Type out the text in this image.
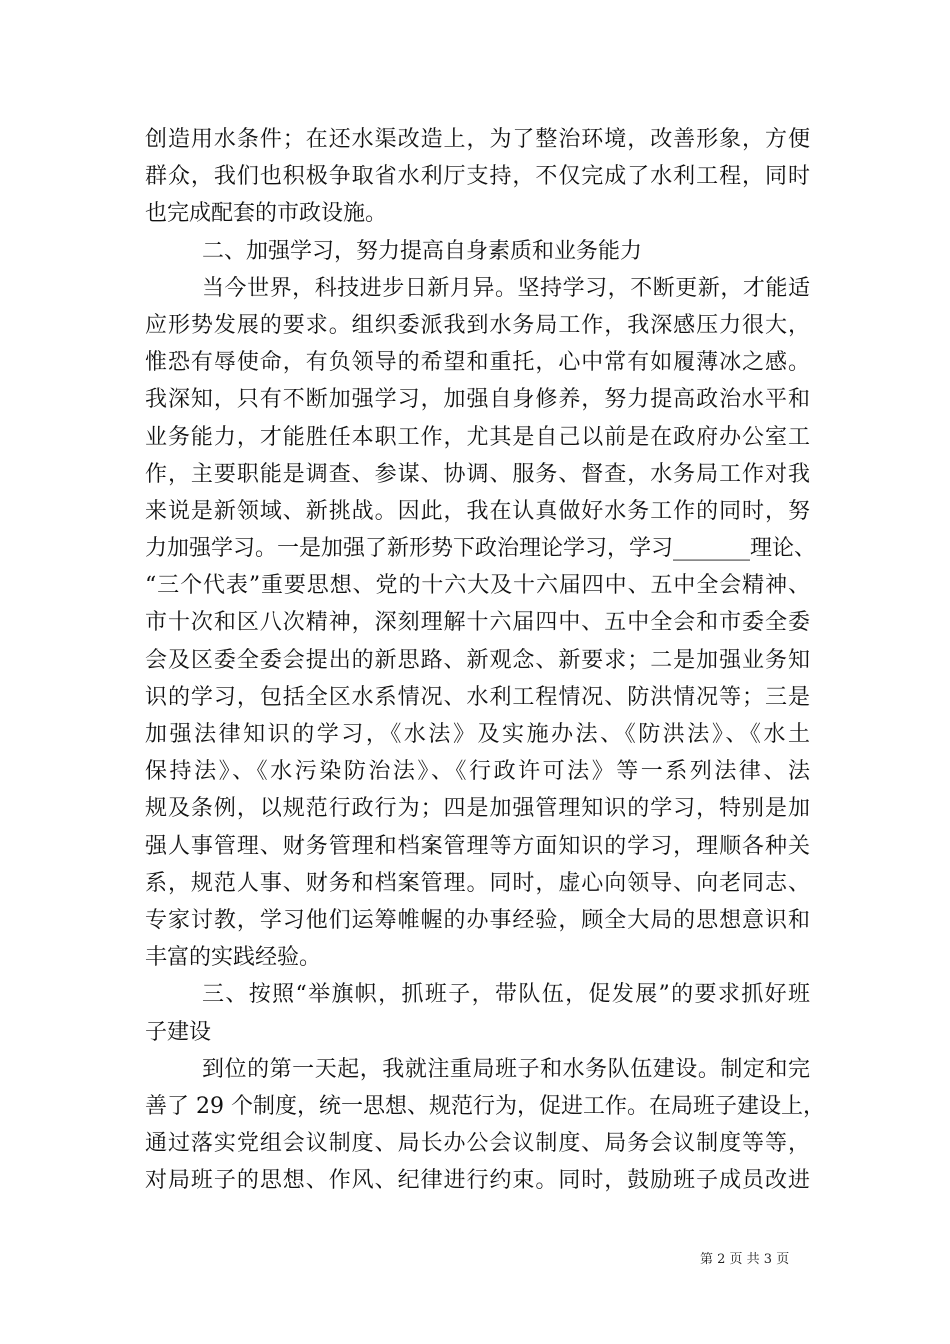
创造用水条件；在还水渠改造上，为了整治环境，改善形象，方便
群众，我们也积极争取省水利厅支持，不仅完成了水利工程，同时
也完成配套的市政设施。
二、加强学习，努力提高自身素质和业务能力
当今世界，科技进步日新月异。坚持学习，不断更新，才能适
应形势发展的要求。组织委派我到水务局工作，我深感压力很大，
惟恐有辱使命，有负领导的希望和重托，心中常有如履薄冰之感。
我深知，只有不断加强学习，加强自身修养，努力提高政治水平和
业务能力，才能胜任本职工作，尤其是自己以前是在政府办公室工
作，主要职能是调查、参谋、协调、服务、督查，水务局工作对我
来说是新领域、新挑战。因此，我在认真做好水务工作的同时，努
力加强学习。一是加强了新形势下政治理论学习，学习_______理论、
“三个代表”重要思想、党的十六大及十六届四中、五中全会精神、
市十次和区八次精神，深刻理解十六届四中、五中全会和市委全委
会及区委全委会提出的新思路、新观念、新要求；二是加强业务知
识的学习，包括全区水系情况、水利工程情况、防洪情况等；三是
加强法律知识的学习，《水法》及实施办法、《防洪法》、《水土
保持法》、《水污染防治法》、《行政许可法》等一系列法律、法
规及条例，以规范行政行为；四是加强管理知识的学习，特别是加
强人事管理、财务管理和档案管理等方面知识的学习，理顺各种关
系，规范人事、财务和档案管理。同时，虚心向领导、向老同志、
专家讨教，学习他们运筹帷幄的办事经验，顾全大局的思想意识和
丰富的实践经验。
三、按照“举旗帜，抓班子，带队伍，促发展”的要求抓好班
子建设
到位的第一天起，我就注重局班子和水务队伍建设。制定和完
善了 29 个制度，统一思想、规范行为，促进工作。在局班子建设上，
通过落实党组会议制度、局长办公会议制度、局务会议制度等等，
对局班子的思想、作风、纪律进行约束。同时，鼓励班子成员改进
第 2 页 共 3 页
